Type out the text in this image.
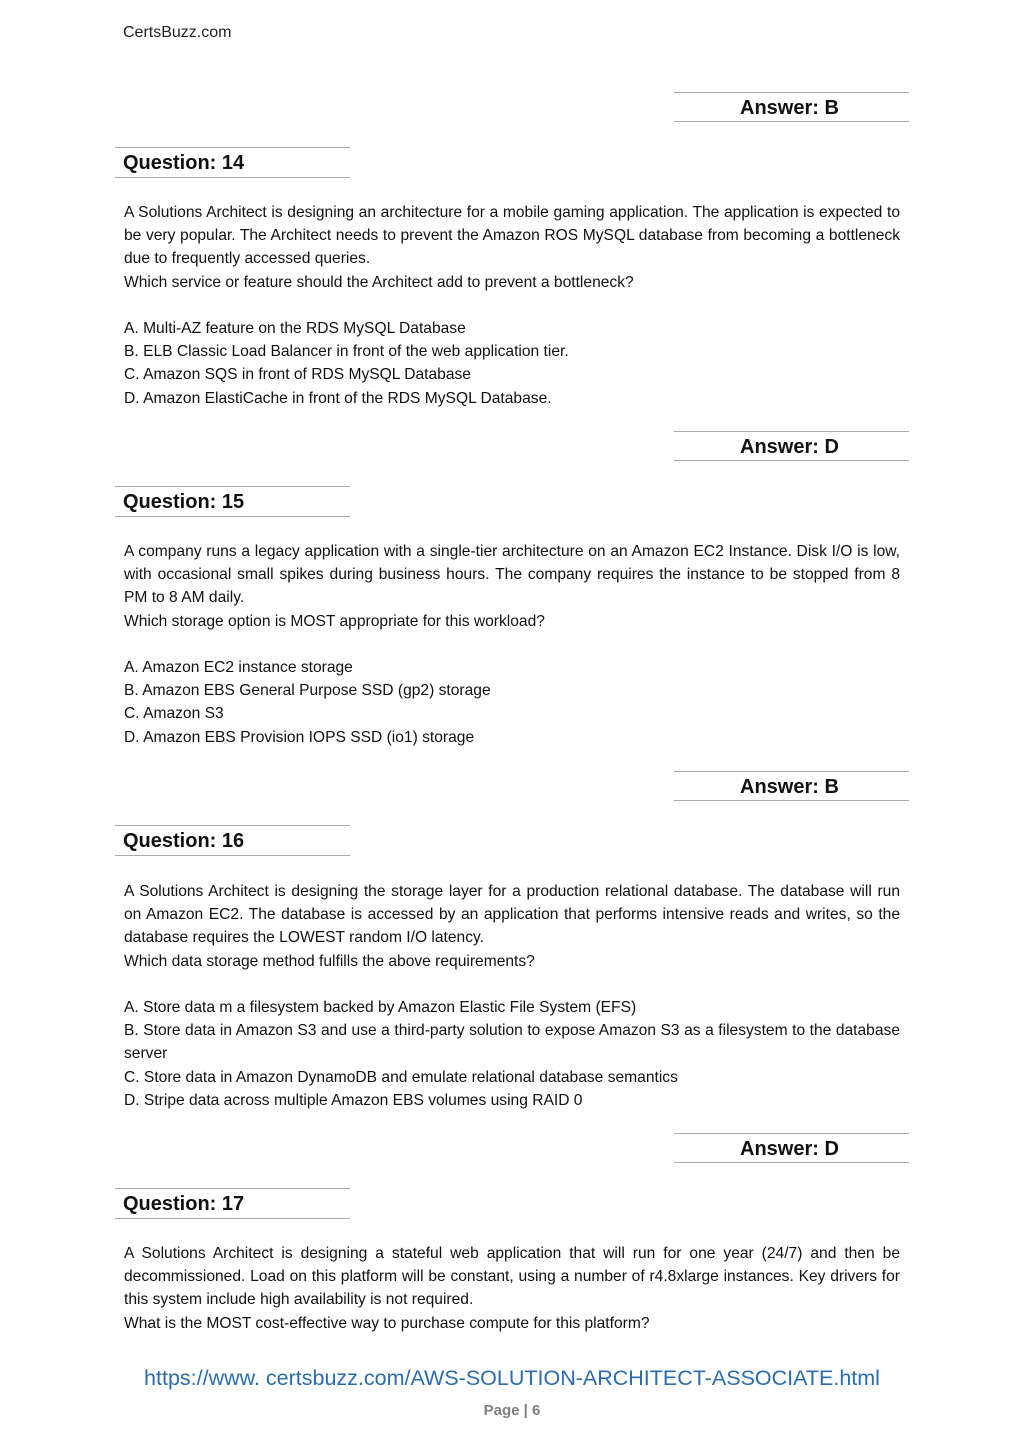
CertsBuzz.com
Answer: B
Question: 14

A Solutions Architect is designing an architecture for a mobile gaming application. The application is expected to be very popular. The Architect needs to prevent the Amazon ROS MySQL database from becoming a bottleneck due to frequently accessed queries.

Which service or feature should the Architect add to prevent a bottleneck?

A. Multi-AZ feature on the RDS MySQL Database
B. ELB Classic Load Balancer in front of the web application tier.
C. Amazon SQS in front of RDS MySQL Database
D. Amazon ElastiCache in front of the RDS MySQL Database.
Answer: D
Question: 15

A company runs a legacy application with a single-tier architecture on an Amazon EC2 Instance. Disk I/O is low, with occasional small spikes during business hours. The company requires the instance to be stopped from 8 PM to 8 AM daily.

Which storage option is MOST appropriate for this workload?

A. Amazon EC2 instance storage
B. Amazon EBS General Purpose SSD (gp2) storage
C. Amazon S3
D. Amazon EBS Provision IOPS SSD (io1) storage
Answer: B
Question: 16

A Solutions Architect is designing the storage layer for a production relational database. The database will run on Amazon EC2. The database is accessed by an application that performs intensive reads and writes, so the database requires the LOWEST random I/O latency.

Which data storage method fulfills the above requirements?

A. Store data m a filesystem backed by Amazon Elastic File System (EFS)
B. Store data in Amazon S3 and use a third-party solution to expose Amazon S3 as a filesystem to the database server
C. Store data in Amazon DynamoDB and emulate relational database semantics
D. Stripe data across multiple Amazon EBS volumes using RAID 0
Answer: D
Question: 17

A Solutions Architect is designing a stateful web application that will run for one year (24/7) and then be decommissioned. Load on this platform will be constant, using a number of r4.8xlarge instances. Key drivers for this system include high availability is not required.

What is the MOST cost-effective way to purchase compute for this platform?

https://www. certsbuzz.com/AWS-SOLUTION-ARCHITECT-ASSOCIATE.html
Page | 6
